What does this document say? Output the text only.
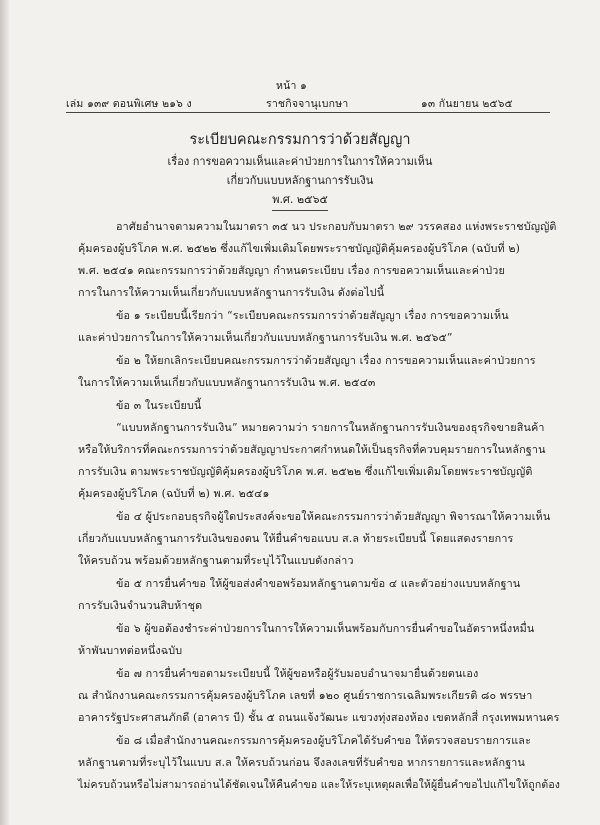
หน้า ๑
เล่ม ๑๓๙ ตอนพิเศษ ๒๑๖ ง	ราชกิจจานุเบกษา	๑๓ กันยายน ๒๕๖๕
ระเบียบคณะกรรมการว่าด้วยสัญญา
เรื่อง การขอความเห็นและค่าป่วยการในการให้ความเห็น
เกี่ยวกับแบบหลักฐานการรับเงิน
พ.ศ. ๒๕๖๕
อาศัยอำนาจตามความในมาตรา ๓๕ นว ประกอบกับมาตรา ๒๙ วรรคสอง แห่งพระราชบัญญัติ
คุ้มครองผู้บริโภค พ.ศ. ๒๕๒๒ ซึ่งแก้ไขเพิ่มเติมโดยพระราชบัญญัติคุ้มครองผู้บริโภค (ฉบับที่ ๒)
พ.ศ. ๒๕๔๑ คณะกรรมการว่าด้วยสัญญา กำหนดระเบียบ เรื่อง การขอความเห็นและค่าป่วย
การในการให้ความเห็นเกี่ยวกับแบบหลักฐานการรับเงิน ดังต่อไปนี้
ข้อ ๑ ระเบียบนี้เรียกว่า “ระเบียบคณะกรรมการว่าด้วยสัญญา เรื่อง การขอความเห็น
และค่าป่วยการในการให้ความเห็นเกี่ยวกับแบบหลักฐานการรับเงิน พ.ศ. ๒๕๖๕”
ข้อ ๒ ให้ยกเลิกระเบียบคณะกรรมการว่าด้วยสัญญา เรื่อง การขอความเห็นและค่าป่วยการ
ในการให้ความเห็นเกี่ยวกับแบบหลักฐานการรับเงิน พ.ศ. ๒๕๔๓
ข้อ ๓ ในระเบียบนี้
“แบบหลักฐานการรับเงิน” หมายความว่า รายการในหลักฐานการรับเงินของธุรกิจขายสินค้า
หรือให้บริการที่คณะกรรมการว่าด้วยสัญญาประกาศกำหนดให้เป็นธุรกิจที่ควบคุมรายการในหลักฐาน
การรับเงิน ตามพระราชบัญญัติคุ้มครองผู้บริโภค พ.ศ. ๒๕๒๒ ซึ่งแก้ไขเพิ่มเติมโดยพระราชบัญญัติ
คุ้มครองผู้บริโภค (ฉบับที่ ๒) พ.ศ. ๒๕๔๑
ข้อ ๔ ผู้ประกอบธุรกิจผู้ใดประสงค์จะขอให้คณะกรรมการว่าด้วยสัญญา พิจารณาให้ความเห็น
เกี่ยวกับแบบหลักฐานการรับเงินของตน ให้ยื่นคำขอแบบ ส.ล ท้ายระเบียบนี้ โดยแสดงรายการ
ให้ครบถ้วน พร้อมด้วยหลักฐานตามที่ระบุไว้ในแบบดังกล่าว
ข้อ ๕ การยื่นคำขอ ให้ผู้ขอส่งคำขอพร้อมหลักฐานตามข้อ ๔ และตัวอย่างแบบหลักฐาน
การรับเงินจำนวนสิบห้าชุด
ข้อ ๖ ผู้ขอต้องชำระค่าป่วยการในการให้ความเห็นพร้อมกับการยื่นคำขอในอัตราหนึ่งหมื่น
ห้าพันบาทต่อหนึ่งฉบับ
ข้อ ๗ การยื่นคำขอตามระเบียบนี้ ให้ผู้ขอหรือผู้รับมอบอำนาจมายื่นด้วยตนเอง
ณ สำนักงานคณะกรรมการคุ้มครองผู้บริโภค เลขที่ ๑๒๐ ศูนย์ราชการเฉลิมพระเกียรติ ๘๐ พรรษา
อาคารรัฐประศาสนภักดี (อาคาร บี) ชั้น ๕ ถนนแจ้งวัฒนะ แขวงทุ่งสองห้อง เขตหลักสี่ กรุงเทพมหานคร
ข้อ ๘ เมื่อสำนักงานคณะกรรมการคุ้มครองผู้บริโภคได้รับคำขอ ให้ตรวจสอบรายการและ
หลักฐานตามที่ระบุไว้ในแบบ ส.ล ให้ครบถ้วนก่อน จึงลงเลขที่รับคำขอ หากรายการและหลักฐาน
ไม่ครบถ้วนหรือไม่สามารถอ่านได้ชัดเจนให้คืนคำขอ และให้ระบุเหตุผลเพื่อให้ผู้ยื่นคำขอไปแก้ไขให้ถูกต้อง
